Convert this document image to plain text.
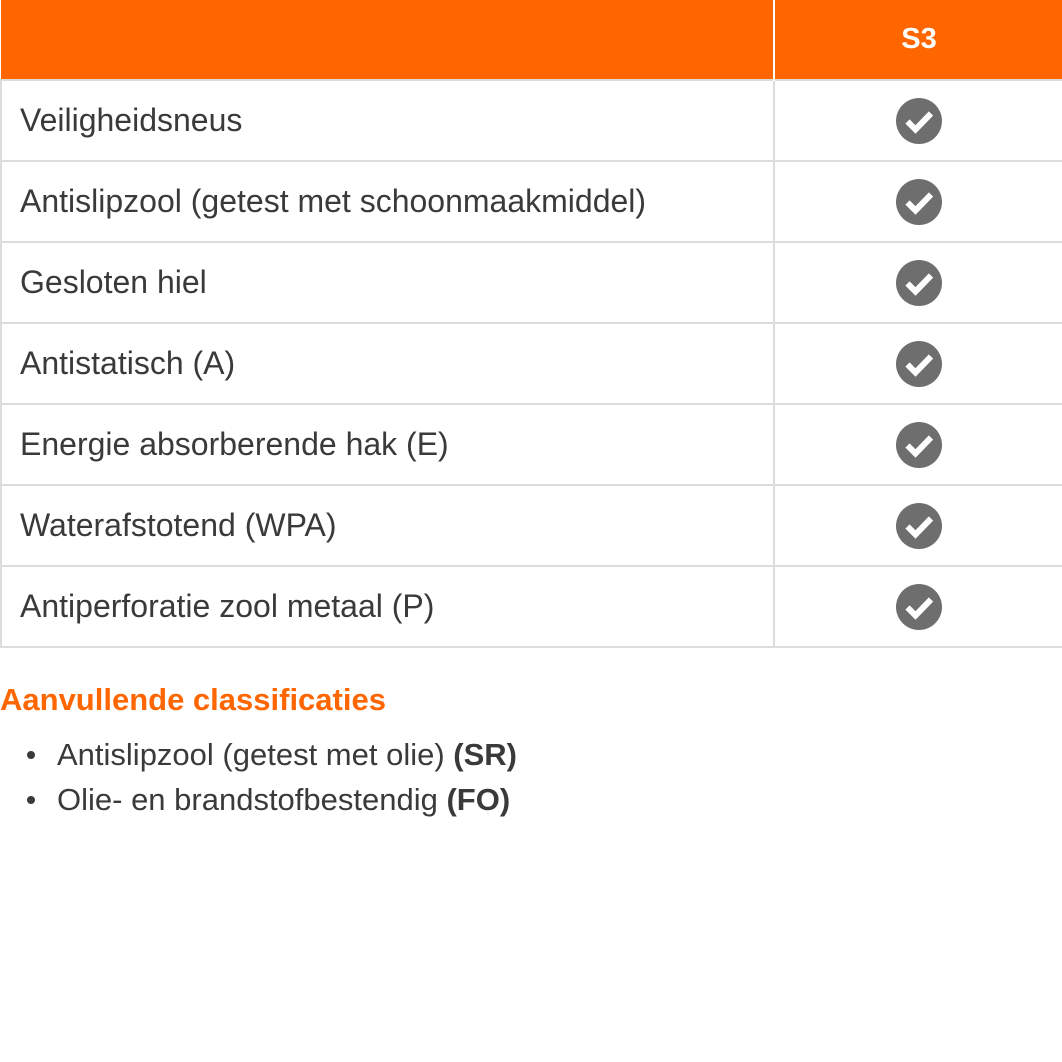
	S3
Veiligheidsneus	
Antislipzool (getest met schoonmaakmiddel)	
Gesloten hiel	
Antistatisch (A)	
Energie absorberende hak (E)	
Waterafstotend (WPA)	
Antiperforatie zool metaal (P)	
Aanvullende classificaties
Antislipzool (getest met olie) (SR)
Olie- en brandstofbestendig (FO)
